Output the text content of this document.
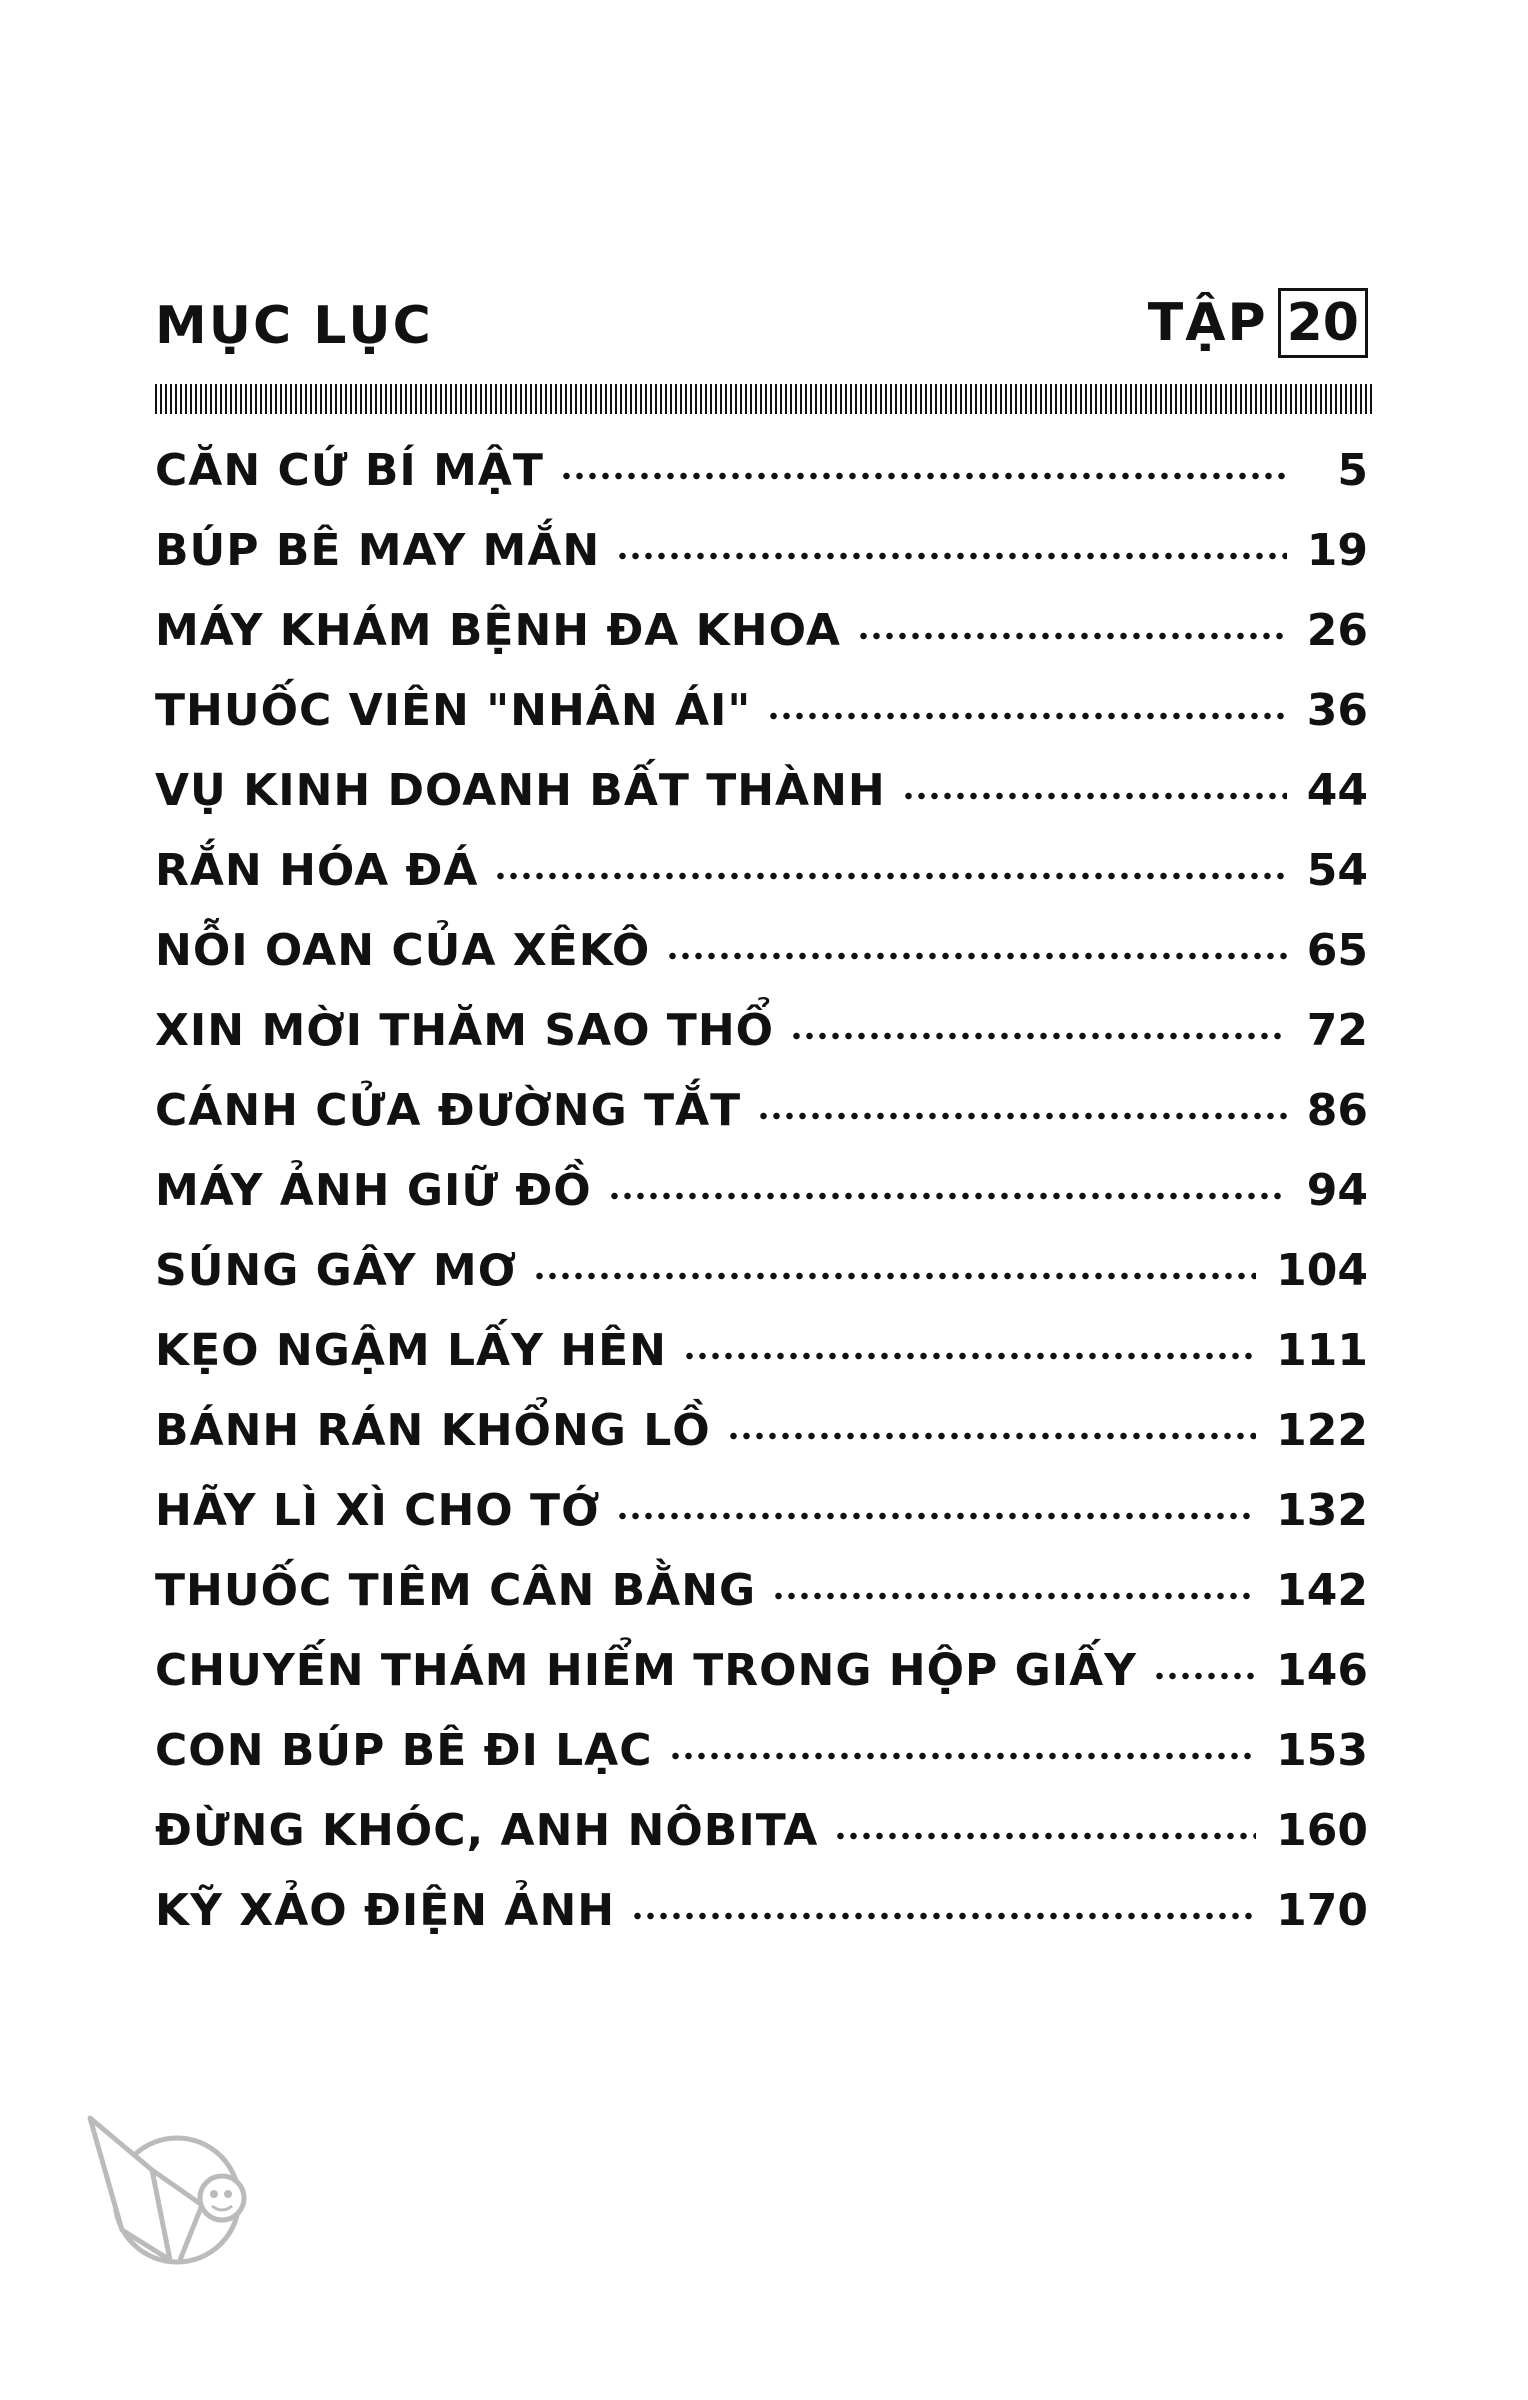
MỤC LỤC	TẬP 20
CĂN CỨ BÍ MẬT	5
BÚP BÊ MAY MẮN	19
MÁY KHÁM BỆNH ĐA KHOA	26
THUỐC VIÊN "NHÂN ÁI"	36
VỤ KINH DOANH BẤT THÀNH	44
RẮN HÓA ĐÁ	54
NỖI OAN CỦA XÊKÔ	65
XIN MỜI THĂM SAO THỔ	72
CÁNH CỬA ĐƯỜNG TẮT	86
MÁY ẢNH GIỮ ĐỒ	94
SÚNG GÂY MƠ	104
KẸO NGẬM LẤY HÊN	111
BÁNH RÁN KHỔNG LỒ	122
HÃY LÌ XÌ CHO TỚ	132
THUỐC TIÊM CÂN BẰNG	142
CHUYẾN THÁM HIỂM TRONG HỘP GIẤY	146
CON BÚP BÊ ĐI LẠC	153
ĐỪNG KHÓC, ANH NÔBITA	160
KỸ XẢO ĐIỆN ẢNH	170
